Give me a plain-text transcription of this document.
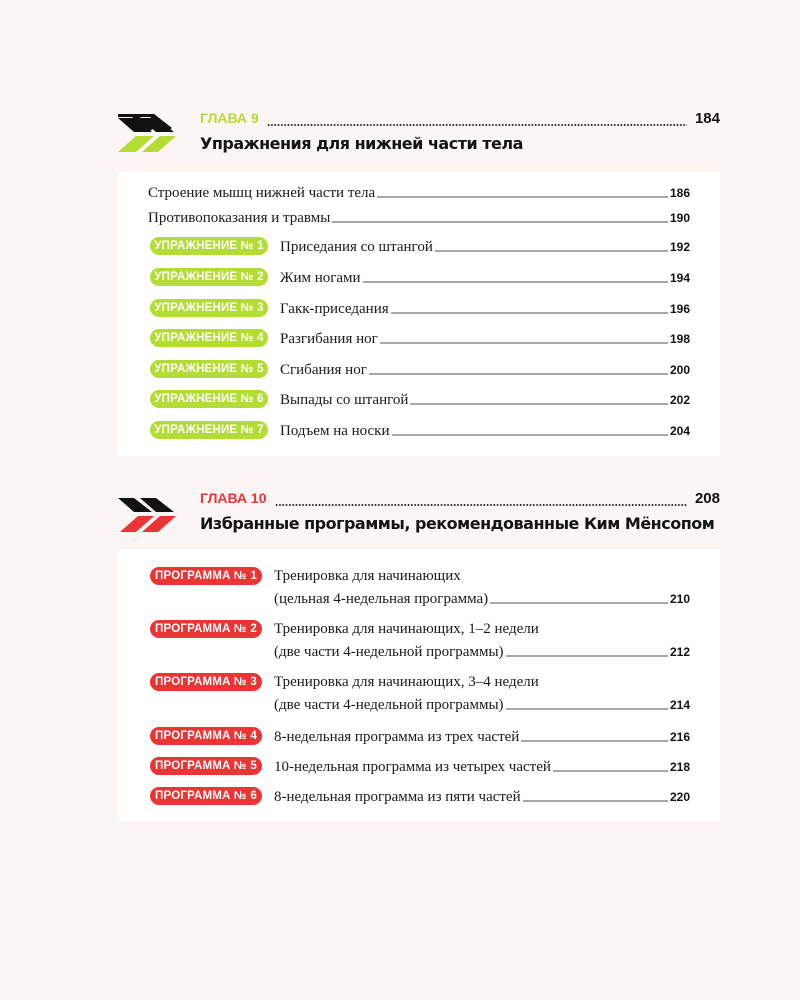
ГЛАВА 9	184
Упражнения для нижней части тела
Строение мышц нижней части тела	186
Противопоказания и травмы	190
УПРАЖНЕНИЕ № 1 Приседания со штангой	192
УПРАЖНЕНИЕ № 2 Жим ногами	194
УПРАЖНЕНИЕ № 3 Гакк-приседания	196
УПРАЖНЕНИЕ № 4 Разгибания ног	198
УПРАЖНЕНИЕ № 5 Сгибания ног	200
УПРАЖНЕНИЕ № 6 Выпады со штангой	202
УПРАЖНЕНИЕ № 7 Подъем на носки	204
ГЛАВА 10	208
Избранные программы, рекомендованные Ким Мёнсопом
ПРОГРАММА № 1	Тренировка для начинающих
(цельная 4-недельная программа)	210
ПРОГРАММА № 2	Тренировка для начинающих, 1–2 недели
(две части 4-недельной программы)	212
ПРОГРАММА № 3	Тренировка для начинающих, 3–4 недели
(две части 4-недельной программы)	214
ПРОГРАММА № 4	8-недельная программа из трех частей	216
ПРОГРАММА № 5	10-недельная программа из четырех частей	218
ПРОГРАММА № 6	8-недельная программа из пяти частей	220
